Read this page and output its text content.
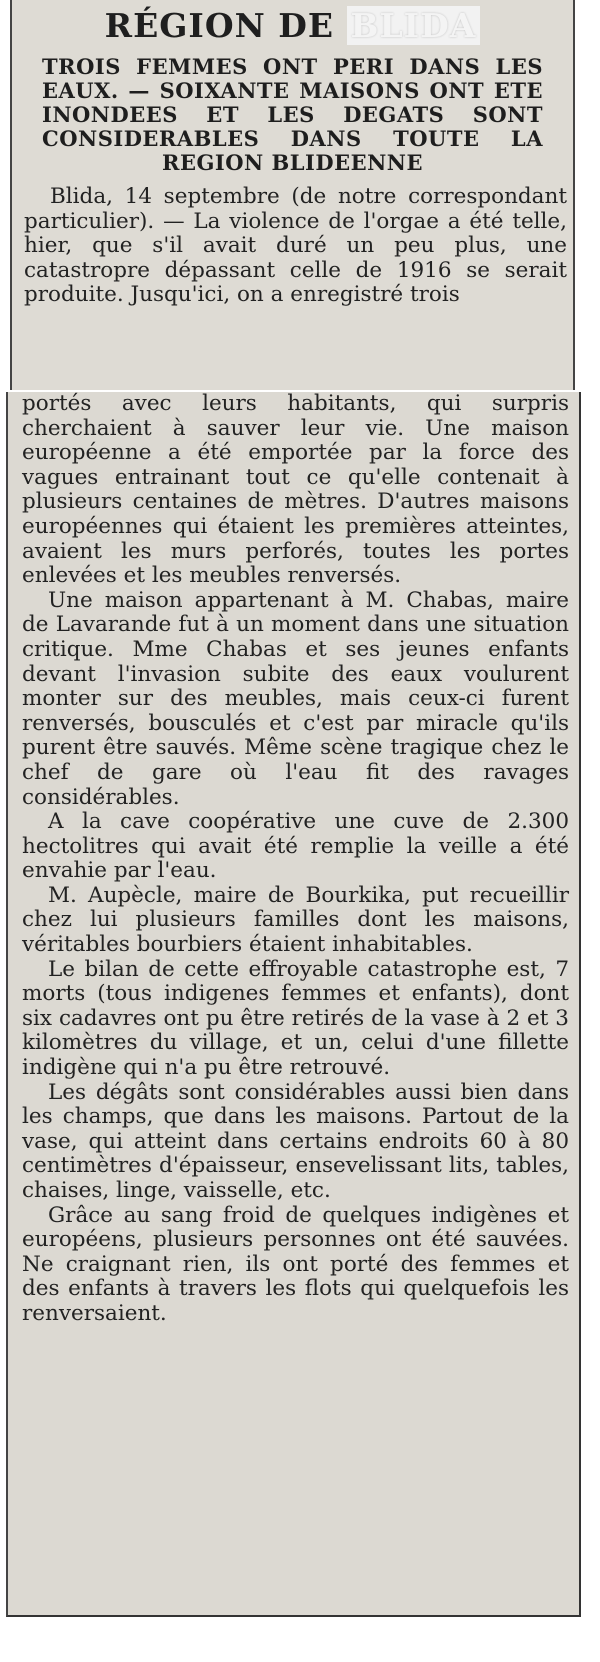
RÉGION DE BLIDA
TROIS FEMMES ONT PERI DANS LES EAUX. — SOIXANTE MAISONS ONT ETE INONDEES ET LES DEGATS SONT CONSIDERABLES DANS TOUTE LA REGION BLIDEENNE

Blida, 14 septembre (de notre correspondant particulier). — La violence de l'orgae a été telle, hier, que s'il avait duré un peu plus, une catastropre dépassant celle de 1916 se serait produite. Jusqu'ici, on a enregistré trois

portés avec leurs habitants, qui surpris cherchaient à sauver leur vie. Une maison européenne a été emportée par la force des vagues entrainant tout ce qu'elle contenait à plusieurs centaines de mètres. D'autres maisons européennes qui étaient les premières atteintes, avaient les murs perforés, toutes les portes enlevées et les meubles renversés.

Une maison appartenant à M. Chabas, maire de Lavarande fut à un moment dans une situation critique. Mme Chabas et ses jeunes enfants devant l'invasion subite des eaux voulurent monter sur des meubles, mais ceux-ci furent renversés, bousculés et c'est par miracle qu'ils purent être sauvés. Même scène tragique chez le chef de gare où l'eau fit des ravages considérables.

A la cave coopérative une cuve de 2.300 hectolitres qui avait été remplie la veille a été envahie par l'eau.

M. Aupècle, maire de Bourkika, put recueillir chez lui plusieurs familles dont les maisons, véritables bourbiers étaient inhabitables.

Le bilan de cette effroyable catastrophe est, 7 morts (tous indigenes femmes et enfants), dont six cadavres ont pu être retirés de la vase à 2 et 3 kilomètres du village, et un, celui d'une fillette indigène qui n'a pu être retrouvé.

Les dégâts sont considérables aussi bien dans les champs, que dans les maisons. Partout de la vase, qui atteint dans certains endroits 60 à 80 centimètres d'épaisseur, ensevelissant lits, tables, chaises, linge, vaisselle, etc.

Grâce au sang froid de quelques indigènes et européens, plusieurs personnes ont été sauvées. Ne craignant rien, ils ont porté des femmes et des enfants à travers les flots qui quelquefois les renversaient.
